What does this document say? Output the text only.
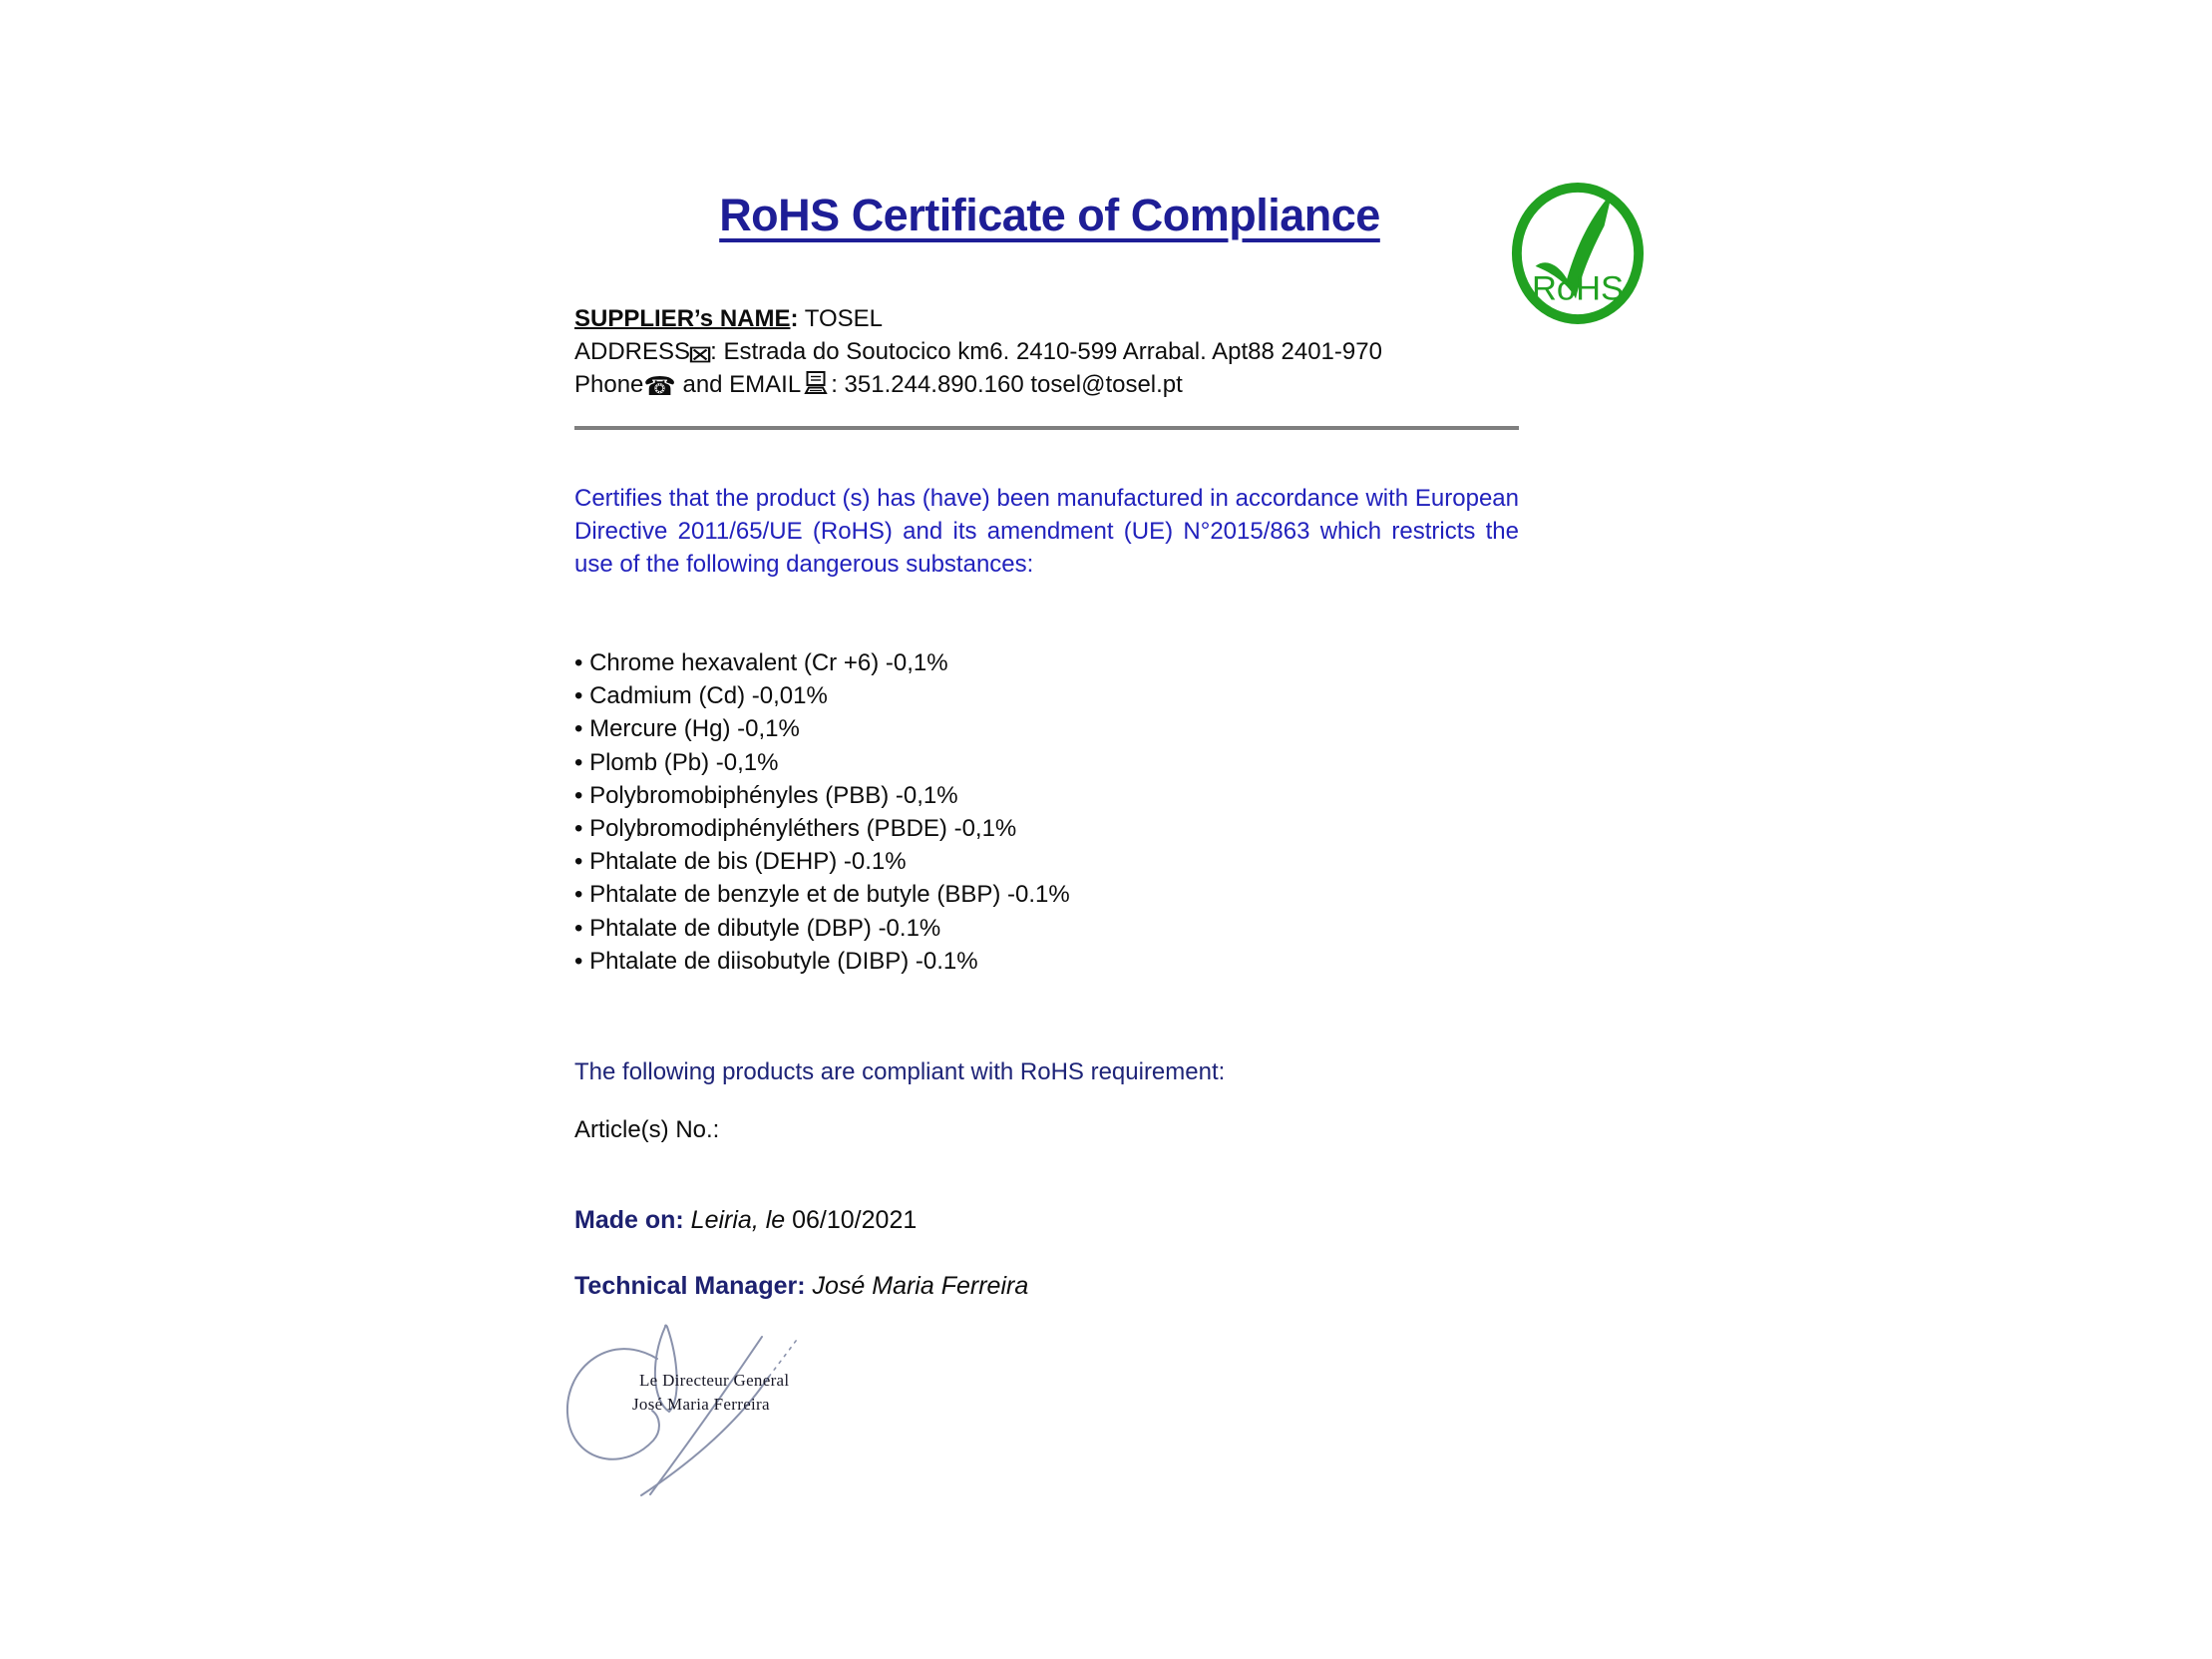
RoHS Certificate of Compliance
RoHS
SUPPLIER’s NAME: TOSEL
ADDRESS⊠: Estrada do Soutocico km6. 2410-599 Arrabal. Apt88 2401-970
Phone☎ and EMAIL : 351.244.890.160 tosel@tosel.pt
Certifies that the product (s) has (have) been manufactured in accordance with European Directive 2011/65/UE (RoHS) and its amendment (UE) N°2015/863 which restricts the use of the following dangerous substances:
• Chrome hexavalent (Cr +6) -0,1%
• Cadmium (Cd) -0,01%
• Mercure (Hg) -0,1%
• Plomb (Pb) -0,1%
• Polybromobiphényles (PBB) -0,1%
• Polybromodiphényléthers (PBDE) -0,1%
• Phtalate de bis (DEHP) -0.1%
• Phtalate de benzyle et de butyle (BBP) -0.1%
• Phtalate de dibutyle (DBP) -0.1%
• Phtalate de diisobutyle (DIBP) -0.1%
The following products are compliant with RoHS requirement:
Article(s) No.:
Made on: Leiria, le 06/10/2021
Technical Manager: José Maria Ferreira
Le Directeur General
José Maria Ferreira
